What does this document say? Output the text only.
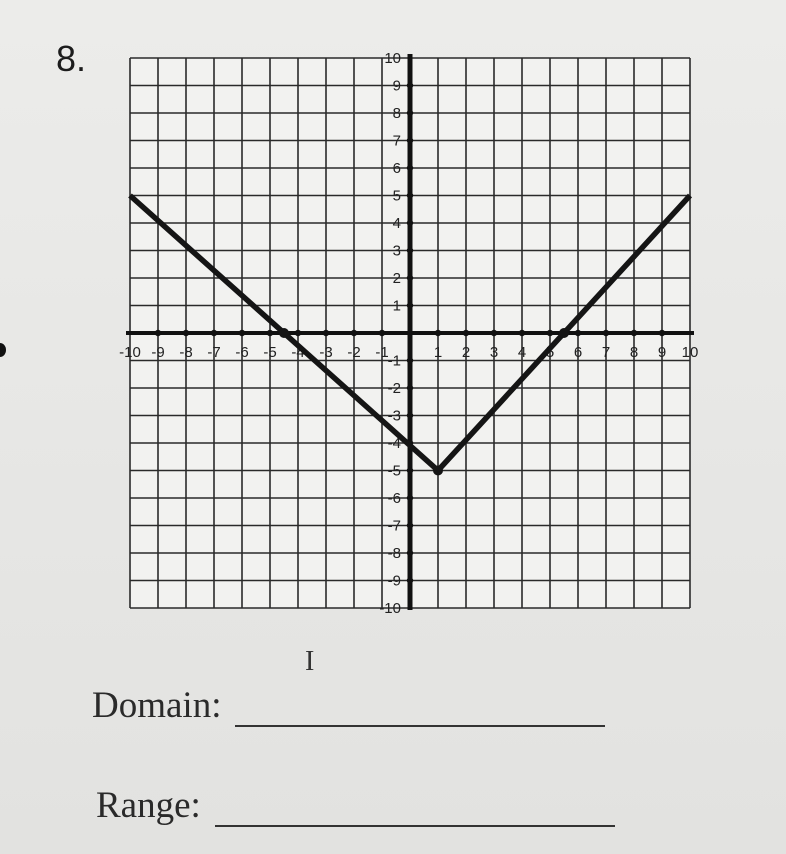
8.
-10 -9 -8 -7 -6 -5 -4 -3 -2 -1	1 2 3 4 5 6 7 8 9 10
10
9
8
7
6
5
4
3
2
1
-1
-2
-3
-4
-5
-6
-7
-8
-9
-10
I
Domain:
Range:
